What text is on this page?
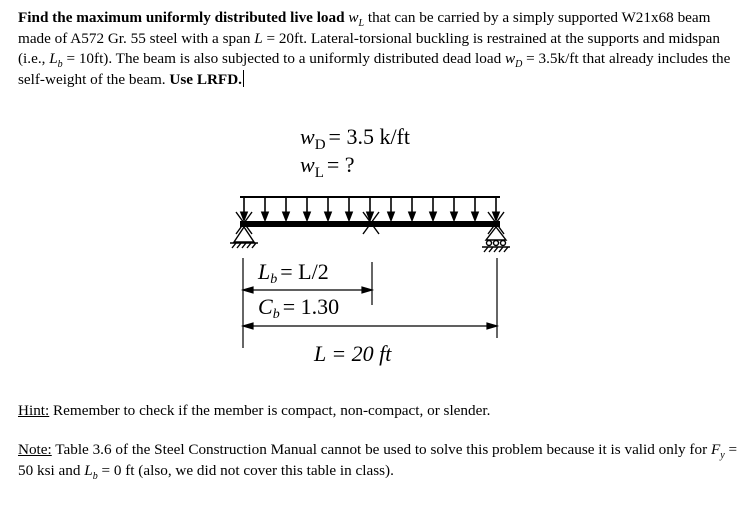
Find the maximum uniformly distributed live load $w_L$ that can be carried by a simply supported W21x68 beam made of A572 Gr. 55 steel with a span L = 20ft. Lateral-torsional buckling is restrained at the supports and midspan (i.e., $L_b = 10ft$). The beam is also subjected to a uniformly distributed dead load $w_D = 3.5k/ft$ that already includes the self-weight of the beam. Use LRFD.
$w_D = 3.5$ k/ft
$w_L$ = ?
Lb = L/2
Cb = 1.30
L = 20 ft
Hint: Remember to check if the member is compact, non-compact, or slender.
Note: Table 3.6 of the Steel Construction Manual cannot be used to solve this problem because it is valid only for $F_y = 50$ ksi and $L_b = 0$ ft (also, we did not cover this table in class).
